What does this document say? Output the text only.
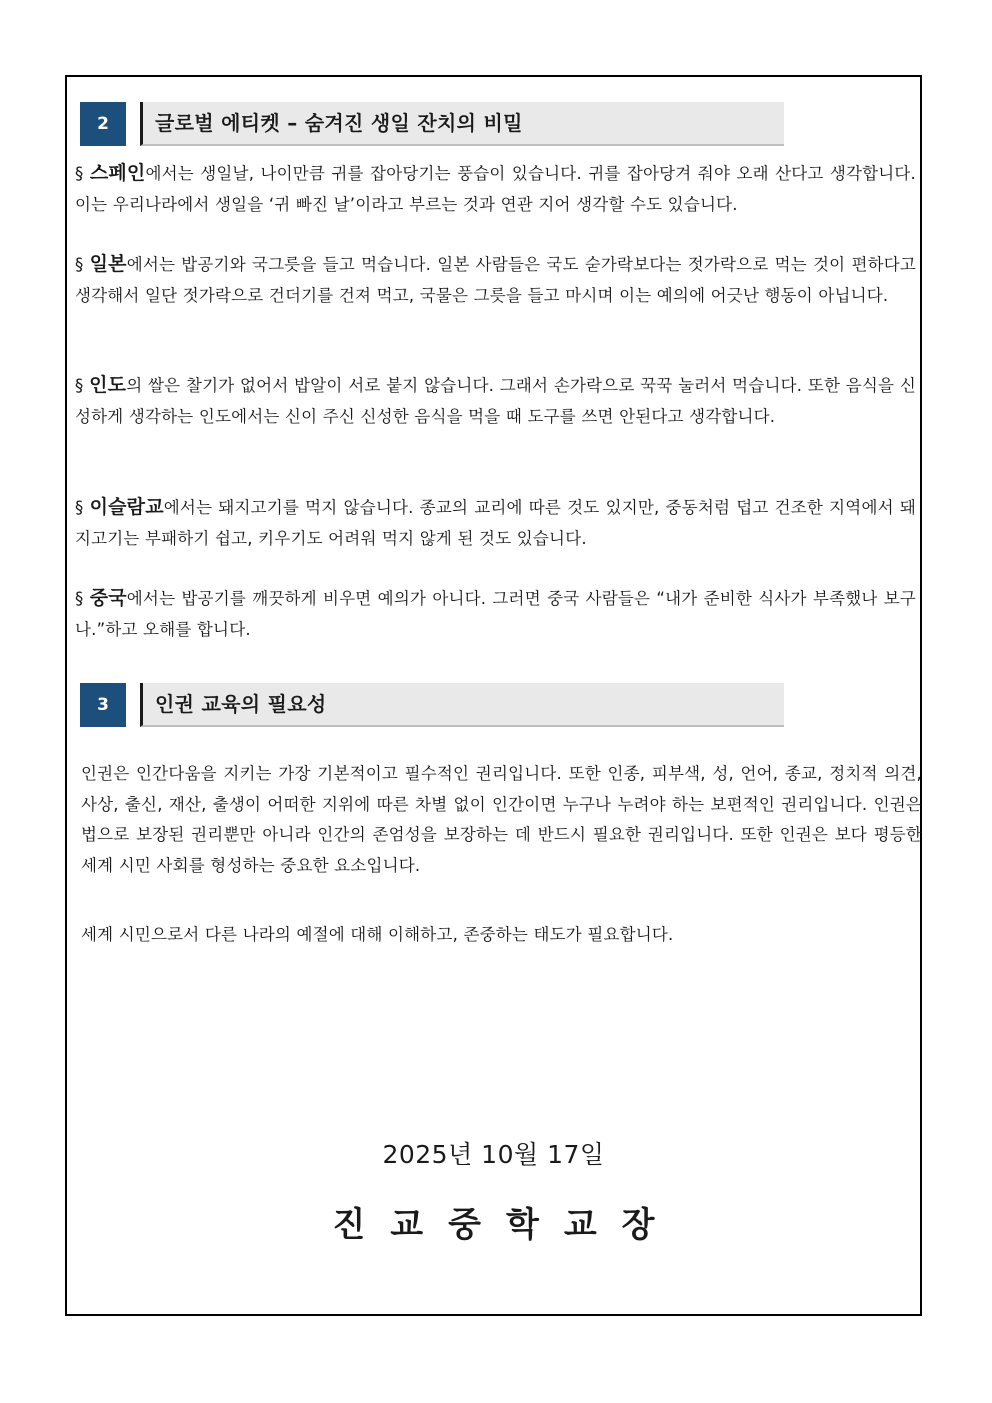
2	글로벌 에티켓 – 숨겨진 생일 잔치의 비밀

§ 스페인에서는 생일날, 나이만큼 귀를 잡아당기는 풍습이 있습니다. 귀를 잡아당겨 줘야 오래 산다고 생각합니다. 이는 우리나라에서 생일을 ‘귀 빠진 날’이라고 부르는 것과 연관 지어 생각할 수도 있습니다.

§ 일본에서는 밥공기와 국그릇을 들고 먹습니다. 일본 사람들은 국도 숟가락보다는 젓가락으로 먹는 것이 편하다고 생각해서 일단 젓가락으로 건더기를 건져 먹고, 국물은 그릇을 들고 마시며 이는 예의에 어긋난 행동이 아닙니다.

§ 인도의 쌀은 찰기가 없어서 밥알이 서로 붙지 않습니다. 그래서 손가락으로 꾹꾹 눌러서 먹습니다. 또한 음식을 신성하게 생각하는 인도에서는 신이 주신 신성한 음식을 먹을 때 도구를 쓰면 안된다고 생각합니다.

§ 이슬람교에서는 돼지고기를 먹지 않습니다. 종교의 교리에 따른 것도 있지만, 중동처럼 덥고 건조한 지역에서 돼지고기는 부패하기 쉽고, 키우기도 어려워 먹지 않게 된 것도 있습니다.

§ 중국에서는 밥공기를 깨끗하게 비우면 예의가 아니다. 그러면 중국 사람들은 “내가 준비한 식사가 부족했나 보구나.”하고 오해를 합니다.

3	인권 교육의 필요성

인권은 인간다움을 지키는 가장 기본적이고 필수적인 권리입니다. 또한 인종, 피부색, 성, 언어, 종교, 정치적 의견, 사상, 출신, 재산, 출생이 어떠한 지위에 따른 차별 없이 인간이면 누구나 누려야 하는 보편적인 권리입니다. 인권은 법으로 보장된 권리뿐만 아니라 인간의 존엄성을 보장하는 데 반드시 필요한 권리입니다. 또한 인권은 보다 평등한 세계 시민 사회를 형성하는 중요한 요소입니다.

세계 시민으로서 다른 나라의 예절에 대해 이해하고, 존중하는 태도가 필요합니다.

2025년 10월 17일
진교중학교장
